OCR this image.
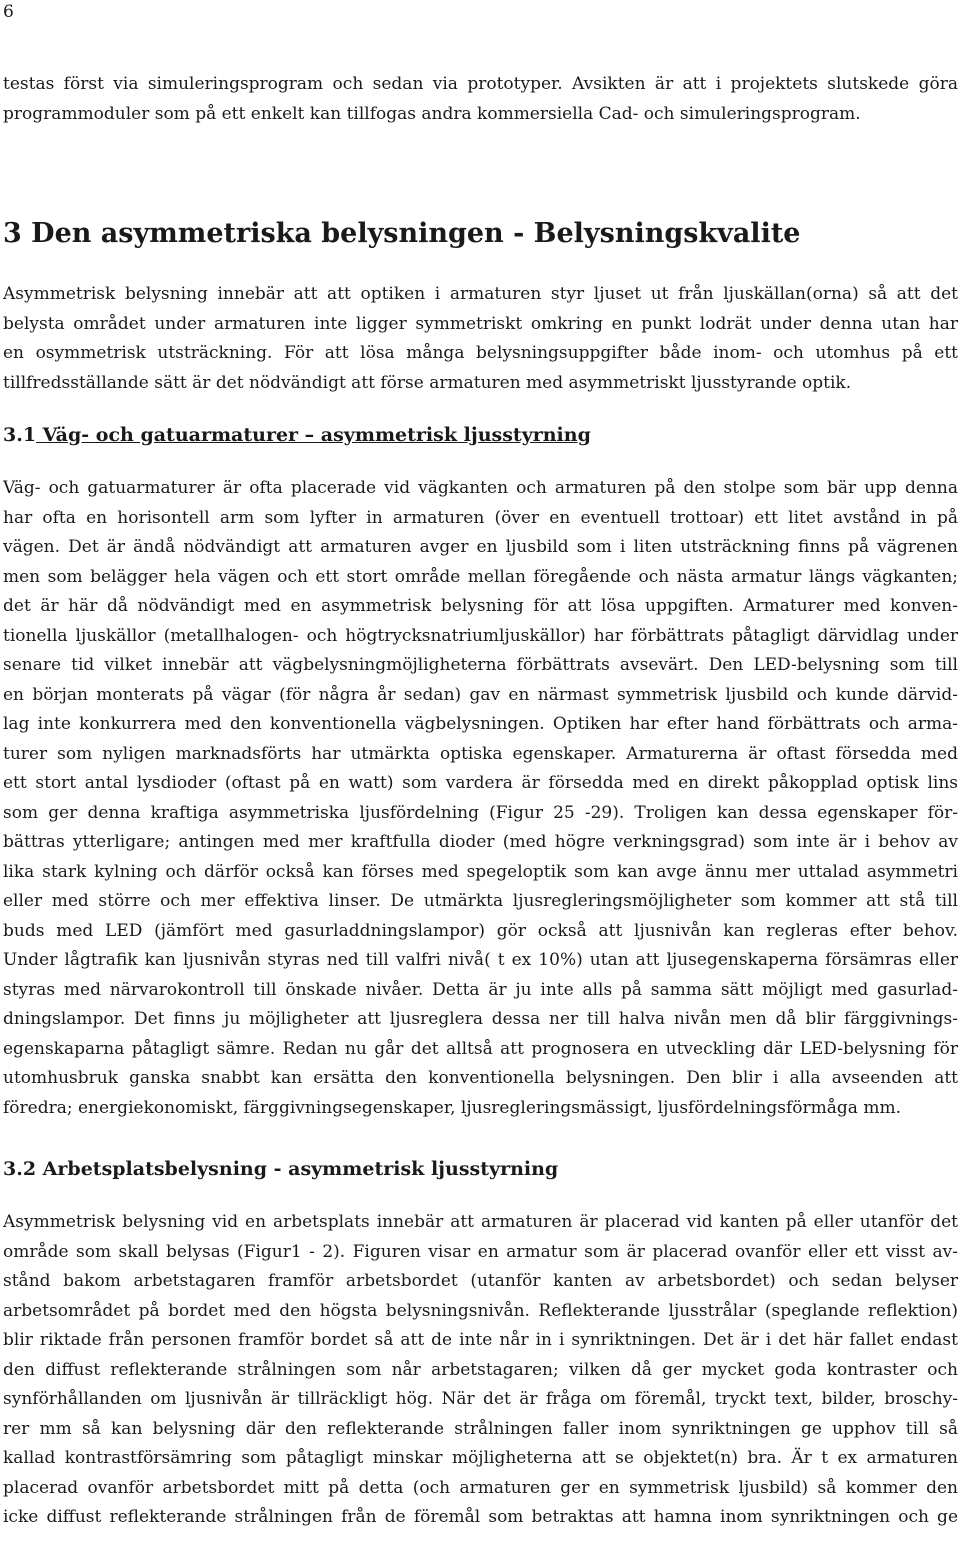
6
testas först via simuleringsprogram och sedan via prototyper. Avsikten är att i projektets slutskede göra
programmoduler som på ett enkelt kan tillfogas andra kommersiella Cad- och simuleringsprogram.
3 Den asymmetriska belysningen - Belysningskvalite
Asymmetrisk belysning innebär att att optiken i armaturen styr ljuset ut från ljuskällan(orna) så att det
belysta området under armaturen inte ligger symmetriskt omkring en punkt lodrät under denna utan har
en osymmetrisk utsträckning. För att lösa många belysningsuppgifter både inom- och utomhus på ett
tillfredsställande sätt är det nödvändigt att förse armaturen med asymmetriskt ljusstyrande optik.
3.1 Väg- och gatuarmaturer – asymmetrisk ljusstyrning
Väg- och gatuarmaturer är ofta placerade vid vägkanten och armaturen på den stolpe som bär upp denna
har ofta en horisontell arm som lyfter in armaturen (över en eventuell trottoar) ett litet avstånd in på
vägen. Det är ändå nödvändigt att armaturen avger en ljusbild som i liten utsträckning finns på vägrenen
men som belägger hela vägen och ett stort område mellan föregående och nästa armatur längs vägkanten;
det är här då nödvändigt med en asymmetrisk belysning för att lösa uppgiften. Armaturer med konven-
tionella ljuskällor (metallhalogen- och högtrycksnatriumljuskällor) har förbättrats påtagligt därvidlag under
senare tid vilket innebär att vägbelysningmöjligheterna förbättrats avsevärt. Den LED-belysning som till
en början monterats på vägar (för några år sedan) gav en närmast symmetrisk ljusbild och kunde därvid-
lag inte konkurrera med den konventionella vägbelysningen. Optiken har efter hand förbättrats och arma-
turer som nyligen marknadsförts har utmärkta optiska egenskaper. Armaturerna är oftast försedda med
ett stort antal lysdioder (oftast på en watt) som vardera är försedda med en direkt påkopplad optisk lins
som ger denna kraftiga asymmetriska ljusfördelning (Figur 25 -29). Troligen kan dessa egenskaper för-
bättras ytterligare; antingen med mer kraftfulla dioder (med högre verkningsgrad) som inte är i behov av
lika stark kylning och därför också kan förses med spegeloptik som kan avge ännu mer uttalad asymmetri
eller med större och mer effektiva linser. De utmärkta ljusregleringsmöjligheter som kommer att stå till
buds med LED (jämfört med gasurladdningslampor) gör också att ljusnivån kan regleras efter behov.
Under lågtrafik kan ljusnivån styras ned till valfri nivå( t ex 10%) utan att ljusegenskaperna försämras eller
styras med närvarokontroll till önskade nivåer. Detta är ju inte alls på samma sätt möjligt med gasurlad-
dningslampor. Det finns ju möjligheter att ljusreglera dessa ner till halva nivån men då blir färggivnings-
egenskaparna påtagligt sämre. Redan nu går det alltså att prognosera en utveckling där LED-belysning för
utomhusbruk ganska snabbt kan ersätta den konventionella belysningen. Den blir i alla avseenden att
föredra; energiekonomiskt, färggivningsegenskaper, ljusregleringsmässigt, ljusfördelningsförmåga mm.
3.2 Arbetsplatsbelysning - asymmetrisk ljusstyrning
Asymmetrisk belysning vid en arbetsplats innebär att armaturen är placerad vid kanten på eller utanför det
område som skall belysas (Figur1 - 2). Figuren visar en armatur som är placerad ovanför eller ett visst av-
stånd bakom arbetstagaren framför arbetsbordet (utanför kanten av arbetsbordet) och sedan belyser
arbetsområdet på bordet med den högsta belysningsnivån. Reflekterande ljusstrålar (speglande reflektion)
blir riktade från personen framför bordet så att de inte når in i synriktningen. Det är i det här fallet endast
den diffust reflekterande strålningen som når arbetstagaren; vilken då ger mycket goda kontraster och
synförhållanden om ljusnivån är tillräckligt hög. När det är fråga om föremål, tryckt text, bilder, broschy-
rer mm så kan belysning där den reflekterande strålningen faller inom synriktningen ge upphov till så
kallad kontrastförsämring som påtagligt minskar möjligheterna att se objektet(n) bra. Är t ex armaturen
placerad ovanför arbetsbordet mitt på detta (och armaturen ger en symmetrisk ljusbild) så kommer den
icke diffust reflekterande strålningen från de föremål som betraktas att hamna inom synriktningen och ge
